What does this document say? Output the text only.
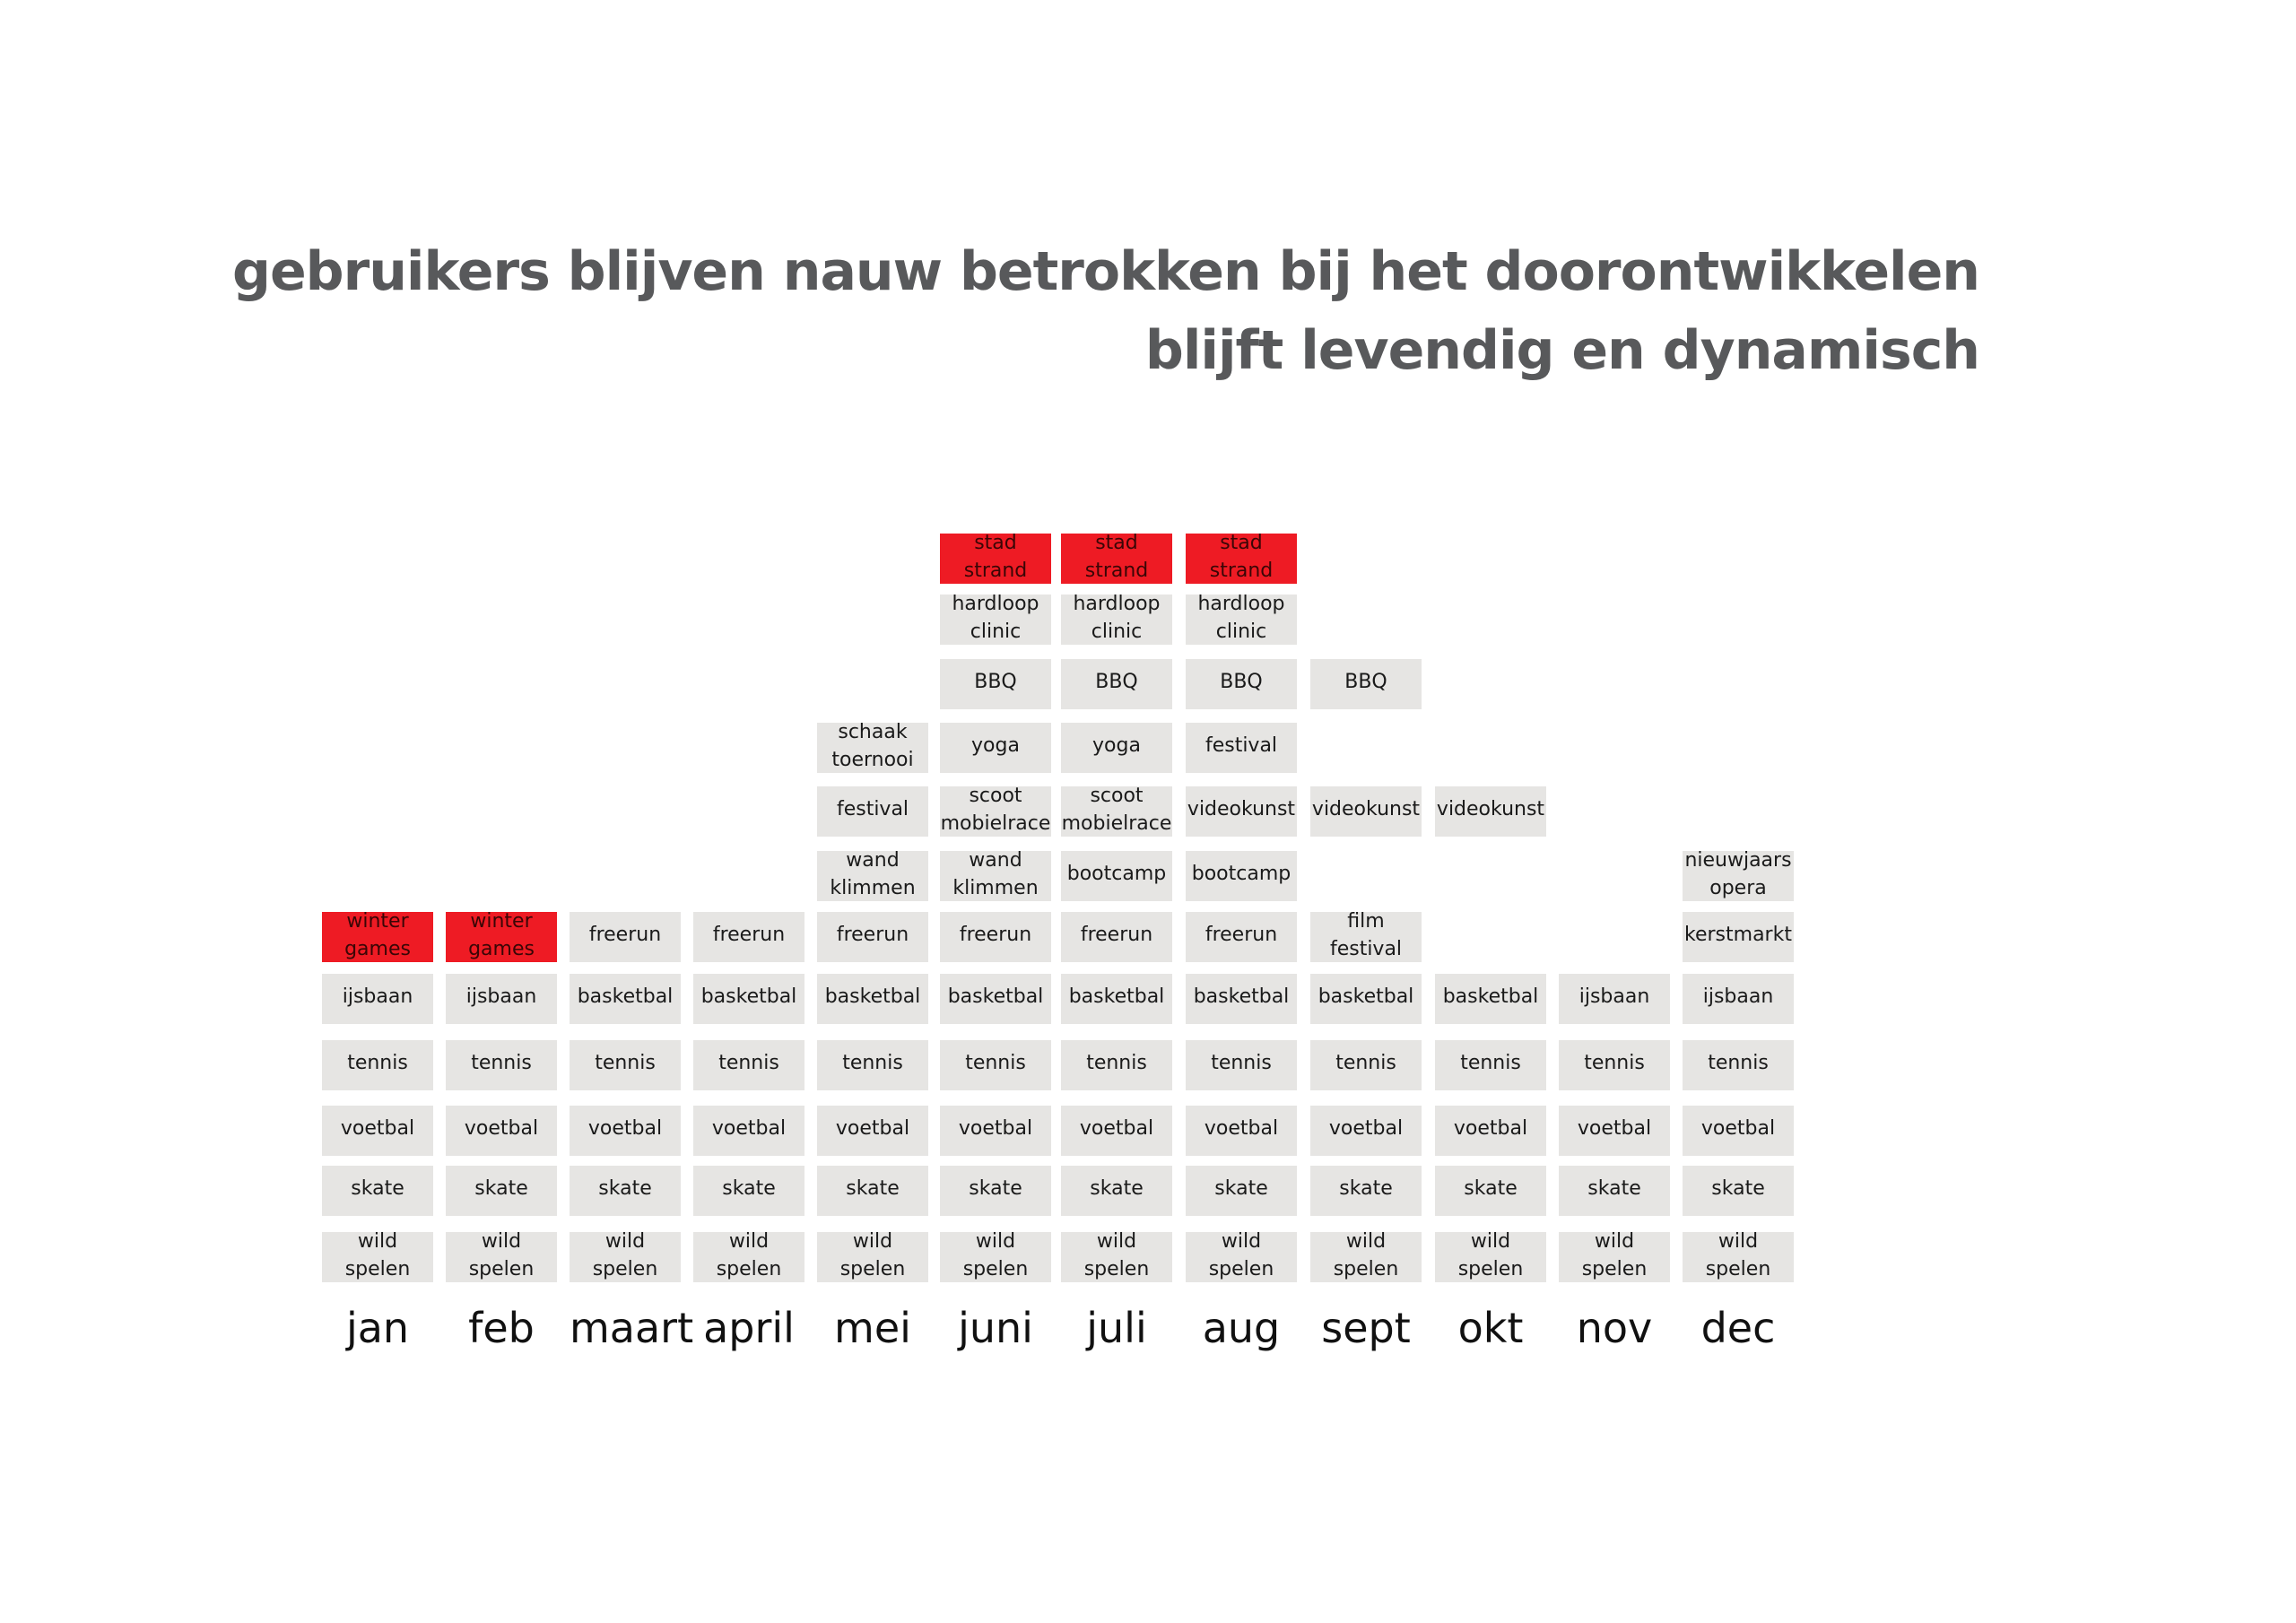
gebruikers blijven nauw betrokken bij het doorontwikkelen
blijft levendig en dynamisch
winter
games
ijsbaan
tennis
voetbal
skate
wild
spelen
jan
winter
games
ijsbaan
tennis
voetbal
skate
wild
spelen
feb
freerun
basketbal
tennis
voetbal
skate
wild
spelen
maart
freerun
basketbal
tennis
voetbal
skate
wild
spelen
april
schaak
toernooi
festival
wand
klimmen
freerun
basketbal
tennis
voetbal
skate
wild
spelen
mei
stad
strand
hardloop
clinic
BBQ
yoga
scoot
mobielrace
wand
klimmen
freerun
basketbal
tennis
voetbal
skate
wild
spelen
juni
stad
strand
hardloop
clinic
BBQ
yoga
scoot
mobielrace
bootcamp
freerun
basketbal
tennis
voetbal
skate
wild
spelen
juli
stad
strand
hardloop
clinic
BBQ
festival
videokunst
bootcamp
freerun
basketbal
tennis
voetbal
skate
wild
spelen
aug
BBQ
videokunst
film
festival
basketbal
tennis
voetbal
skate
wild
spelen
sept
videokunst
basketbal
tennis
voetbal
skate
wild
spelen
okt
ijsbaan
tennis
voetbal
skate
wild
spelen
nov
nieuwjaars
opera
kerstmarkt
ijsbaan
tennis
voetbal
skate
wild
spelen
dec
